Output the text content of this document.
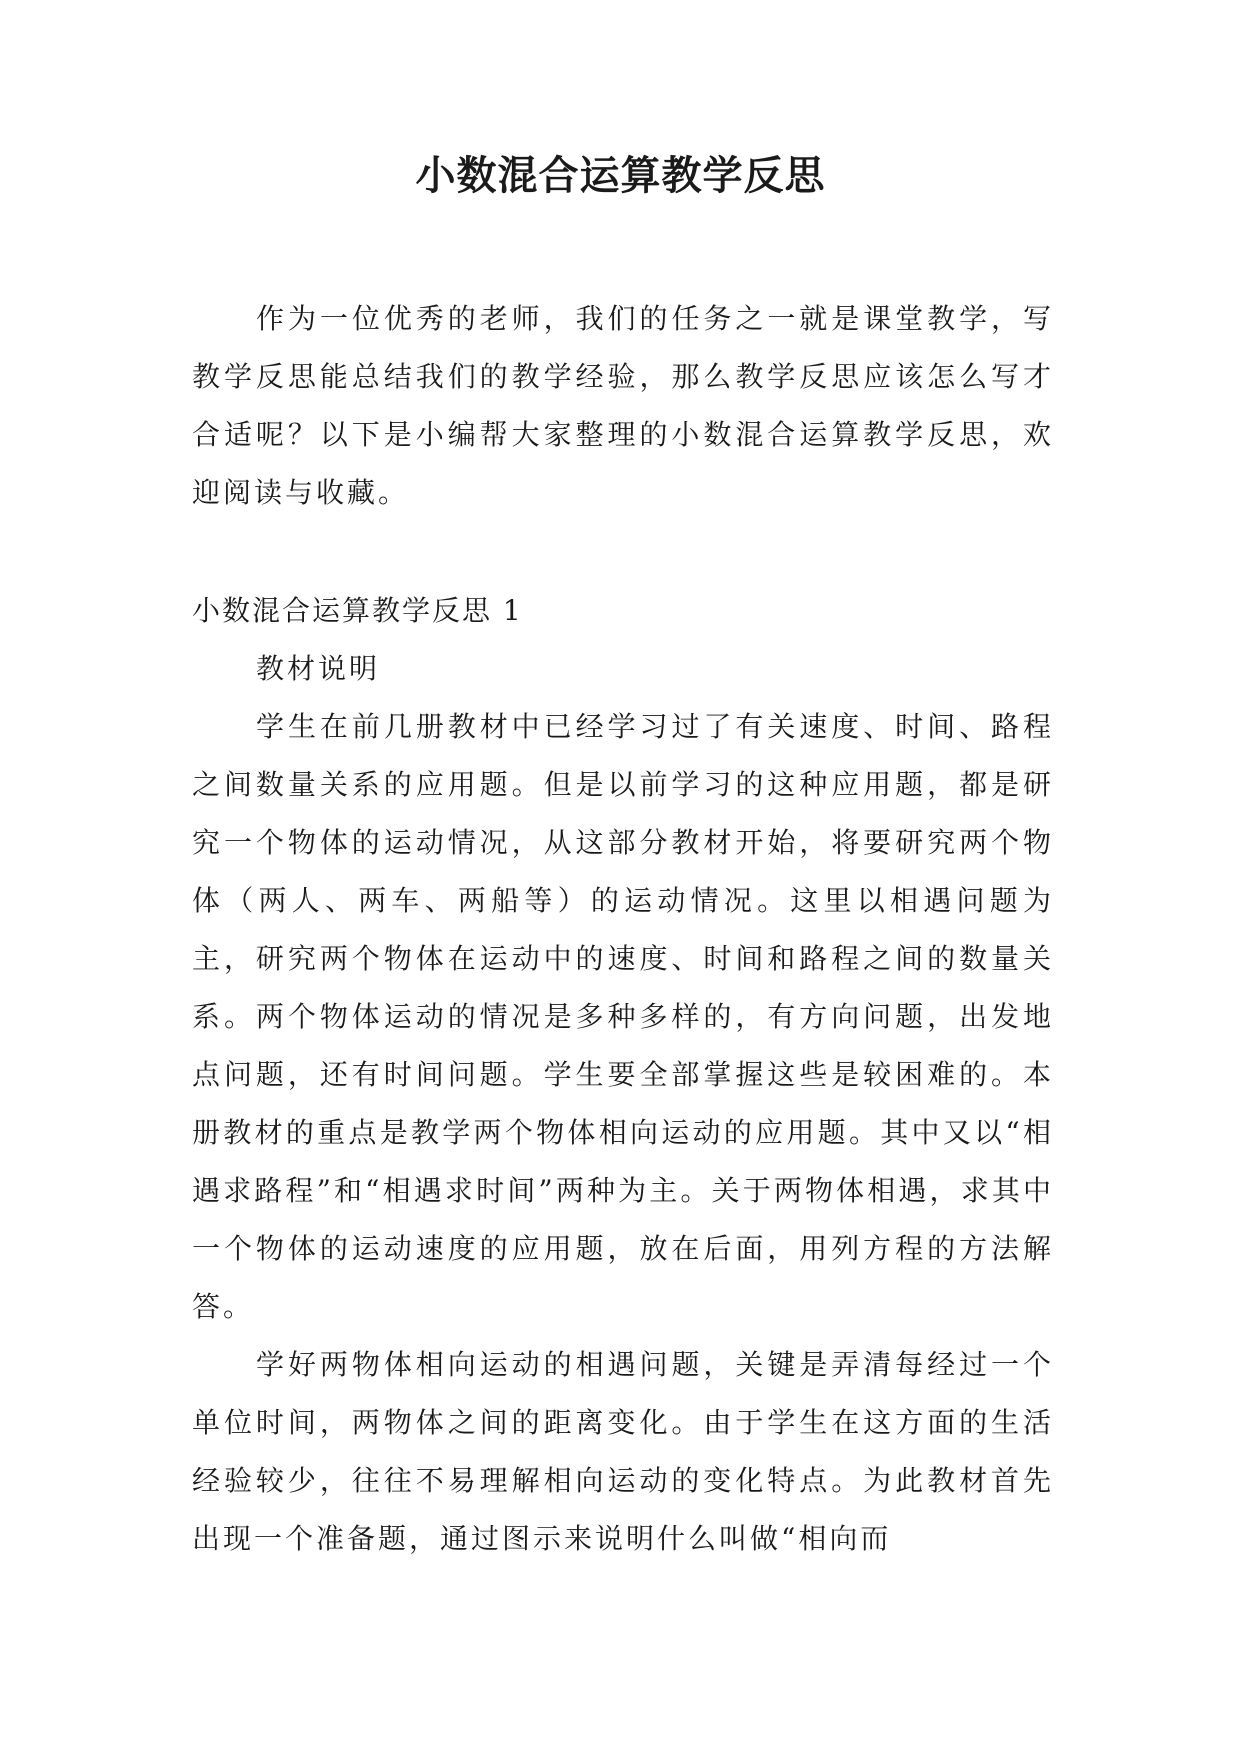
小数混合运算教学反思

作为一位优秀的老师，我们的任务之一就是课堂教学，写教学反思能总结我们的教学经验，那么教学反思应该怎么写才合适呢？以下是小编帮大家整理的小数混合运算教学反思，欢迎阅读与收藏。

小数混合运算教学反思 1

教材说明

学生在前几册教材中已经学习过了有关速度、时间、路程之间数量关系的应用题。但是以前学习的这种应用题，都是研究一个物体的运动情况，从这部分教材开始，将要研究两个物体（两人、两车、两船等）的运动情况。这里以相遇问题为主，研究两个物体在运动中的速度、时间和路程之间的数量关系。两个物体运动的情况是多种多样的，有方向问题，出发地点问题，还有时间问题。学生要全部掌握这些是较困难的。本册教材的重点是教学两个物体相向运动的应用题。其中又以“相遇求路程”和“相遇求时间”两种为主。关于两物体相遇，求其中一个物体的运动速度的应用题，放在后面，用列方程的方法解答。

学好两物体相向运动的相遇问题，关键是弄清每经过一个单位时间，两物体之间的距离变化。由于学生在这方面的生活经验较少，往往不易理解相向运动的变化特点。为此教材首先出现一个准备题，通过图示来说明什么叫做“相向而
